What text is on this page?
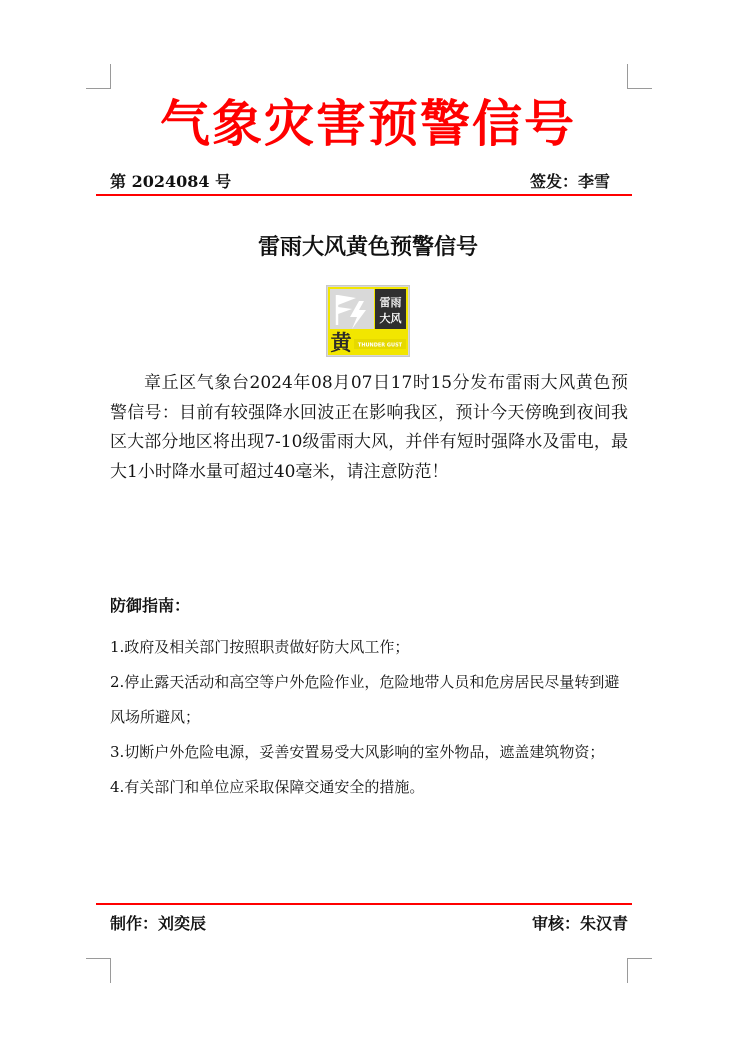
气象灾害预警信号
第 2024084 号	签发：李雪
雷雨大风黄色预警信号
雷雨
大风
黄 THUNDER GUST

章丘区气象台2024年08月07日17时15分发布雷雨大风黄色预警信号：目前有较强降水回波正在影响我区，预计今天傍晚到夜间我区大部分地区将出现7-10级雷雨大风，并伴有短时强降水及雷电，最大1小时降水量可超过40毫米，请注意防范！

防御指南：
1.政府及相关部门按照职责做好防大风工作；
2.停止露天活动和高空等户外危险作业，危险地带人员和危房居民尽量转到避风场所避风；
3.切断户外危险电源，妥善安置易受大风影响的室外物品，遮盖建筑物资；
4.有关部门和单位应采取保障交通安全的措施。
制作：刘奕辰	审核：朱汉青
